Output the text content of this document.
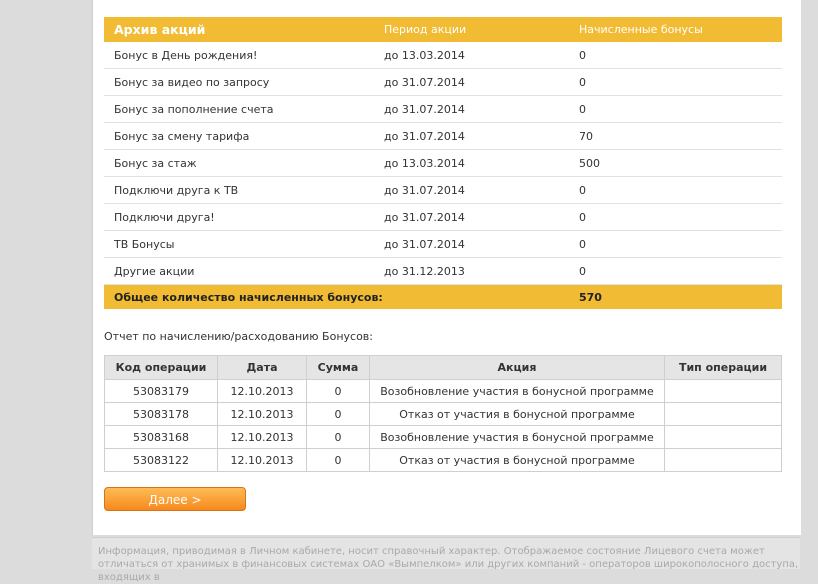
Архив акций	Период акции	Начисленные бонусы
Бонус в День рождения!	до 13.03.2014	0
Бонус за видео по запросу	до 31.07.2014	0
Бонус за пополнение счета	до 31.07.2014	0
Бонус за смену тарифа	до 31.07.2014	70
Бонус за стаж	до 13.03.2014	500
Подключи друга к ТВ	до 31.07.2014	0
Подключи друга!	до 31.07.2014	0
ТВ Бонусы	до 31.07.2014	0
Другие акции	до 31.12.2013	0
Общее количество начисленных бонусов:		570
Отчет по начислению/расходованию Бонусов:
Код операции	Дата	Сумма	Акция	Тип операции
53083179	12.10.2013	0	Возобновление участия в бонусной программе	
53083178	12.10.2013	0	Отказ от участия в бонусной программе	
53083168	12.10.2013	0	Возобновление участия в бонусной программе	
53083122	12.10.2013	0	Отказ от участия в бонусной программе	
Далее >
Информация, приводимая в Личном кабинете, носит справочный характер. Отображаемое состояние Лицевого счета может отличаться от хранимых в финансовых системах ОАО «Вымпелком» или других компаний - операторов широкополосного доступа, входящих в
